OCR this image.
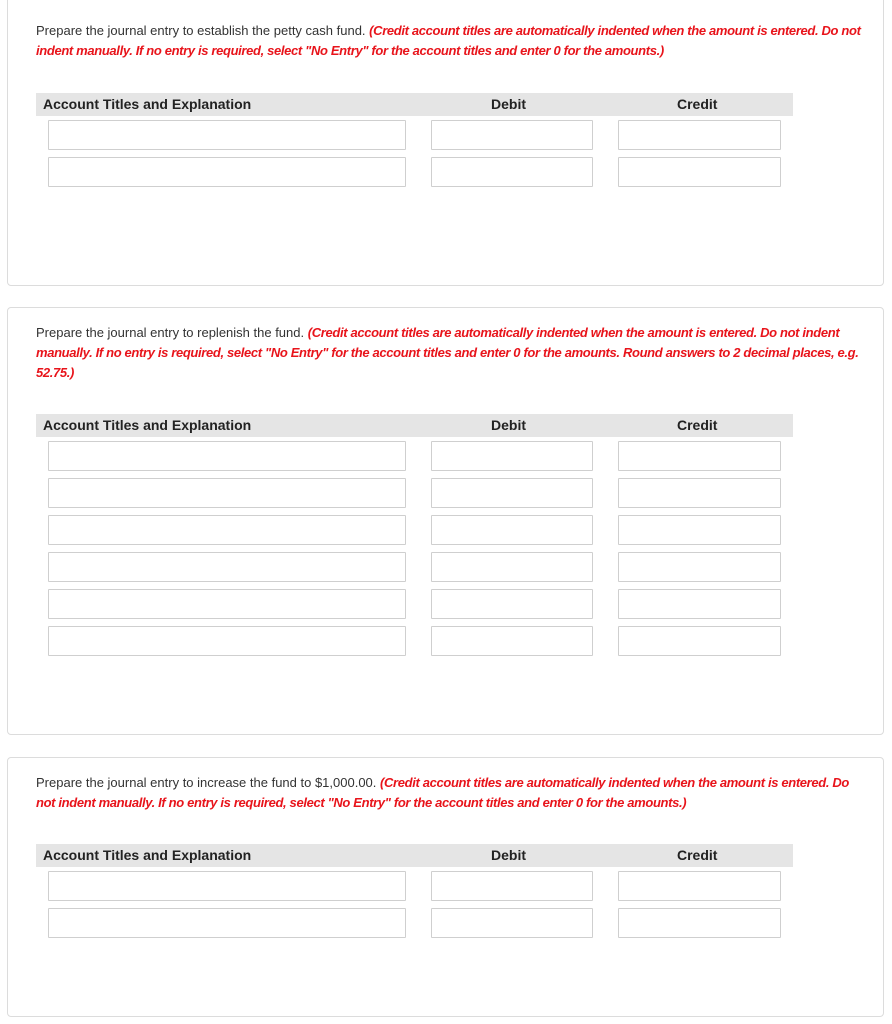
Prepare the journal entry to establish the petty cash fund. (Credit account titles are automatically indented when the amount is entered. Do not indent manually. If no entry is required, select "No Entry" for the account titles and enter 0 for the amounts.)

Account Titles and Explanation	Debit	Credit

Prepare the journal entry to replenish the fund. (Credit account titles are automatically indented when the amount is entered. Do not indent manually. If no entry is required, select "No Entry" for the account titles and enter 0 for the amounts. Round answers to 2 decimal places, e.g. 52.75.)

Account Titles and Explanation	Debit	Credit

Prepare the journal entry to increase the fund to $1,000.00. (Credit account titles are automatically indented when the amount is entered. Do not indent manually. If no entry is required, select "No Entry" for the account titles and enter 0 for the amounts.)

Account Titles and Explanation	Debit	Credit
